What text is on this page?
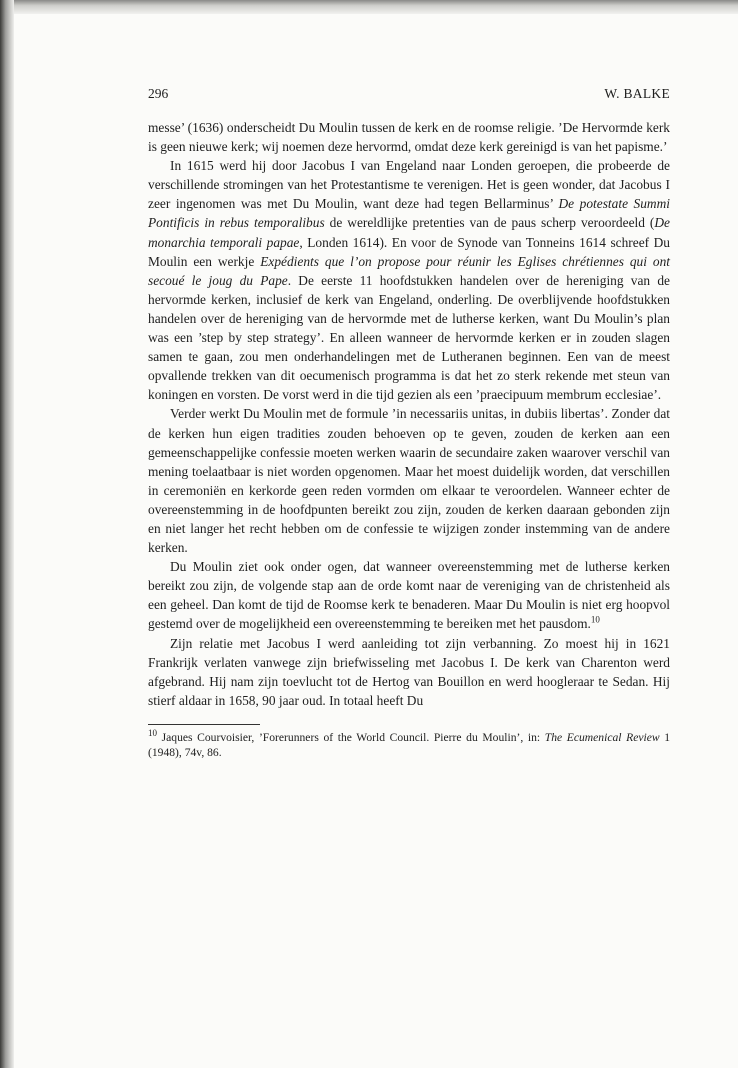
296	W. BALKE

messe’ (1636) onderscheidt Du Moulin tussen de kerk en de roomse religie. ’De Hervormde kerk is geen nieuwe kerk; wij noemen deze hervormd, omdat deze kerk gereinigd is van het papisme.’

In 1615 werd hij door Jacobus I van Engeland naar Londen geroepen, die probeerde de verschillende stromingen van het Protestantisme te verenigen. Het is geen wonder, dat Jacobus I zeer ingenomen was met Du Moulin, want deze had tegen Bellarminus’ De potestate Summi Pontificis in rebus temporalibus de wereldlijke pretenties van de paus scherp veroordeeld (De monarchia temporali papae, Londen 1614). En voor de Synode van Tonneins 1614 schreef Du Moulin een werkje Expédients que l’on propose pour réunir les Eglises chrétiennes qui ont secoué le joug du Pape. De eerste 11 hoofdstukken handelen over de hereniging van de hervormde kerken, inclusief de kerk van Engeland, onderling. De overblijvende hoofdstukken handelen over de hereniging van de hervormde met de lutherse kerken, want Du Moulin’s plan was een ’step by step strategy’. En alleen wanneer de hervormde kerken er in zouden slagen samen te gaan, zou men onderhandelingen met de Lutheranen beginnen. Een van de meest opvallende trekken van dit oecumenisch programma is dat het zo sterk rekende met steun van koningen en vorsten. De vorst werd in die tijd gezien als een ’praecipuum membrum ecclesiae’.

Verder werkt Du Moulin met de formule ’in necessariis unitas, in dubiis libertas’. Zonder dat de kerken hun eigen tradities zouden behoeven op te geven, zouden de kerken aan een gemeenschappelijke confessie moeten werken waarin de secundaire zaken waarover verschil van mening toelaatbaar is niet worden opgenomen. Maar het moest duidelijk worden, dat verschillen in ceremoniën en kerkorde geen reden vormden om elkaar te veroordelen. Wanneer echter de overeenstemming in de hoofdpunten bereikt zou zijn, zouden de kerken daaraan gebonden zijn en niet langer het recht hebben om de confessie te wijzigen zonder instemming van de andere kerken.

Du Moulin ziet ook onder ogen, dat wanneer overeenstemming met de lutherse kerken bereikt zou zijn, de volgende stap aan de orde komt naar de vereniging van de christenheid als een geheel. Dan komt de tijd de Roomse kerk te benaderen. Maar Du Moulin is niet erg hoopvol gestemd over de mogelijkheid een overeenstemming te bereiken met het pausdom.$^{10}$

Zijn relatie met Jacobus I werd aanleiding tot zijn verbanning. Zo moest hij in 1621 Frankrijk verlaten vanwege zijn briefwisseling met Jacobus I. De kerk van Charenton werd afgebrand. Hij nam zijn toevlucht tot de Hertog van Bouillon en werd hoogleraar te Sedan. Hij stierf aldaar in 1658, 90 jaar oud. In totaal heeft Du

$^{10}$ Jaques Courvoisier, ’Forerunners of the World Council. Pierre du Moulin’, in: The Ecumenical Review 1 (1948), 74v, 86.
